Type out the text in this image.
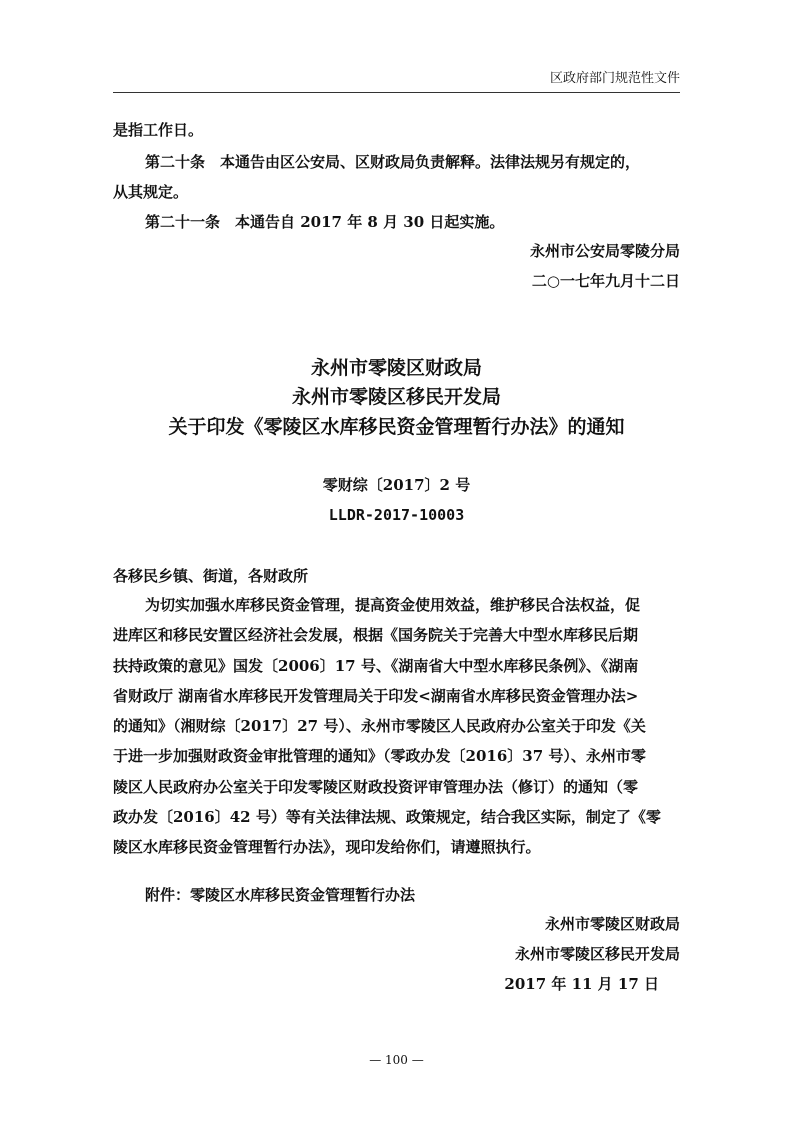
区政府部门规范性文件
是指工作日。
第二十条　本通告由区公安局、区财政局负责解释。法律法规另有规定的，
从其规定。
第二十一条　本通告自 2017 年 8 月 30 日起实施。
永州市公安局零陵分局
二○一七年九月十二日
永州市零陵区财政局
永州市零陵区移民开发局
关于印发《零陵区水库移民资金管理暂行办法》的通知
零财综〔2017〕2 号
LLDR-2017-10003
各移民乡镇、街道，各财政所
为切实加强水库移民资金管理，提高资金使用效益，维护移民合法权益，促
进库区和移民安置区经济社会发展，根据《国务院关于完善大中型水库移民后期
扶持政策的意见》国发〔2006〕17 号、《湖南省大中型水库移民条例》、《湖南
省财政厅 湖南省水库移民开发管理局关于印发<湖南省水库移民资金管理办法>
的通知》（湘财综〔2017〕27 号）、永州市零陵区人民政府办公室关于印发《关
于进一步加强财政资金审批管理的通知》（零政办发〔2016〕37 号）、永州市零
陵区人民政府办公室关于印发零陵区财政投资评审管理办法（修订）的通知（零
政办发〔2016〕42 号）等有关法律法规、政策规定，结合我区实际，制定了《零
陵区水库移民资金管理暂行办法》，现印发给你们，请遵照执行。
附件：零陵区水库移民资金管理暂行办法
永州市零陵区财政局
永州市零陵区移民开发局
2017 年 11 月 17 日
— 100 —
